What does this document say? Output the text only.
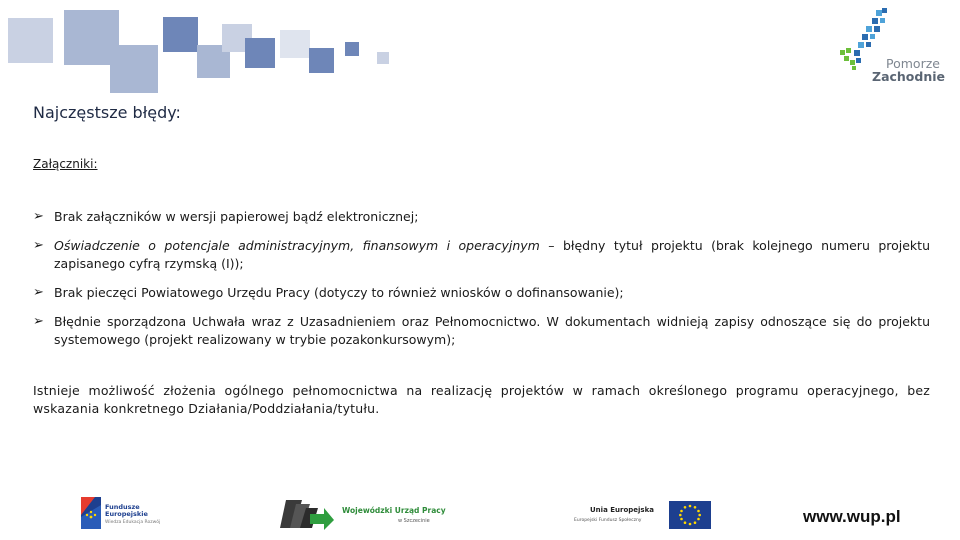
Pomorze
Zachodnie
Najczęstsze błędy:
Załączniki:
➢ Brak załączników w wersji papierowej bądź elektronicznej;
➢ Oświadczenie o potencjale administracyjnym, finansowym i operacyjnym – błędny tytuł projektu (brak kolejnego numeru projektu zapisanego cyfrą rzymską (I));
➢ Brak pieczęci Powiatowego Urzędu Pracy (dotyczy to również wniosków o dofinansowanie);
➢ Błędnie sporządzona Uchwała wraz z Uzasadnieniem oraz Pełnomocnictwo. W dokumentach widnieją zapisy odnoszące się do projektu systemowego (projekt realizowany w trybie pozakonkursowym);
Istnieje możliwość złożenia ogólnego pełnomocnictwa na realizację projektów w ramach określonego programu operacyjnego, bez wskazania konkretnego Działania/Poddziałania/tytułu.
Fundusze
Europejskie
Wiedza Edukacja Rozwój
Wojewódzki Urząd Pracy
w Szczecinie
Unia Europejska
Europejski Fundusz Społeczny	www.wup.pl
